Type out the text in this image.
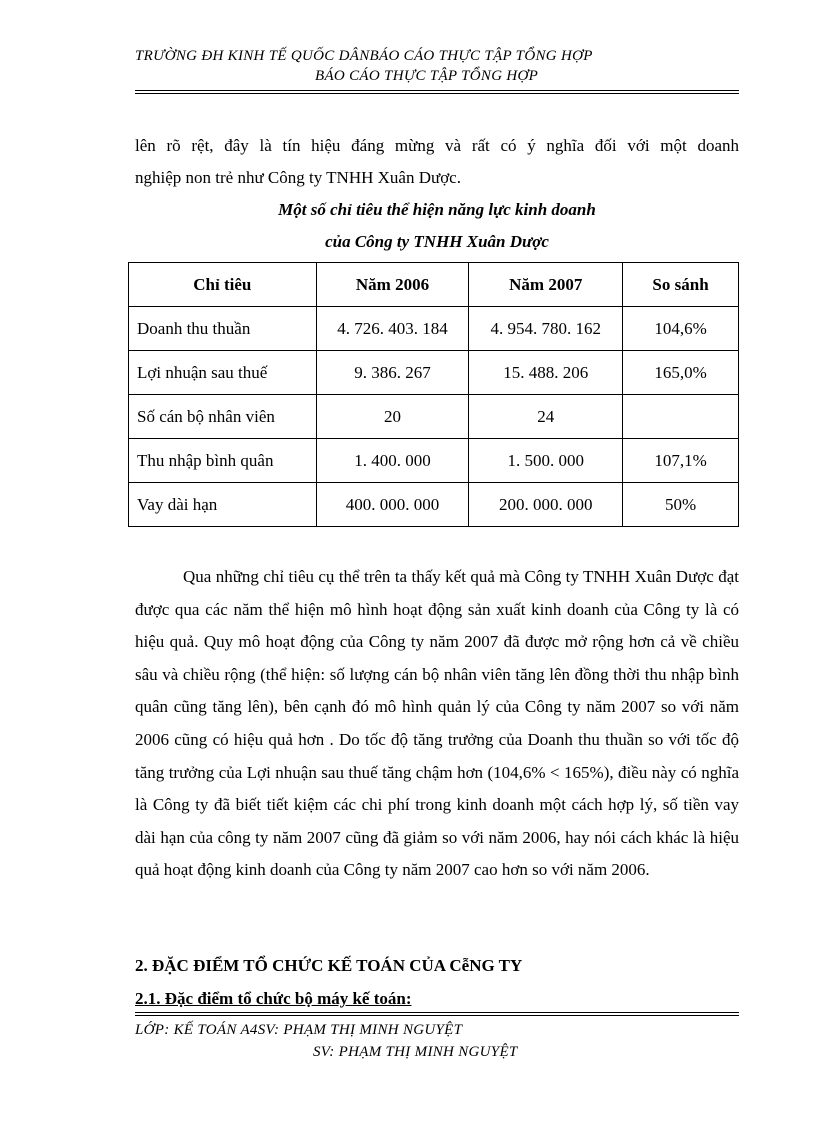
TRƯỜNG ĐH KINH TẾ QUỐC DÂNBÁO CÁO THỰC TẬP TỔNG HỢP
BÁO CÁO THỰC TẬP TỔNG HỢP
lên rõ rệt, đây là tín hiệu đáng mừng và rất có ý nghĩa đối với một doanh
nghiệp non trẻ như Công ty TNHH Xuân Dược.
Một số chỉ tiêu thể hiện năng lực kinh doanh
của Công ty TNHH Xuân Dược
Chỉ tiêu	Năm 2006	Năm 2007	So sánh
Doanh thu thuần	4. 726. 403. 184	4. 954. 780. 162	104,6%
Lợi nhuận sau thuế	9. 386. 267	15. 488. 206	165,0%
Số cán bộ nhân viên	20	24	
Thu nhập bình quân	1. 400. 000	1. 500. 000	107,1%
Vay dài hạn	400. 000. 000	200. 000. 000	50%
Qua những chỉ tiêu cụ thể trên ta thấy kết quả mà Công ty TNHH Xuân Dược đạt được qua các năm thể hiện mô hình hoạt động sản xuất kinh doanh của Công ty là có hiệu quả. Quy mô hoạt động của Công ty năm 2007 đã được mở rộng hơn cả về chiều sâu và chiều rộng (thể hiện: số lượng cán bộ nhân viên tăng lên đồng thời thu nhập bình quân cũng tăng lên), bên cạnh đó mô hình quản lý của Công ty năm 2007 so với năm 2006 cũng có hiệu quả hơn . Do tốc độ tăng trưởng của Doanh thu thuần so với tốc độ tăng trưởng của Lợi nhuận sau thuế tăng chậm hơn (104,6% < 165%), điều này có nghĩa là Công ty đã biết tiết kiệm các chi phí trong kinh doanh một cách hợp lý, số tiền vay dài hạn của công ty năm 2007 cũng đã giảm so với năm 2006, hay nói cách khác là hiệu quả hoạt động kinh doanh của Công ty năm 2007 cao hơn so với năm 2006.
2. ĐẶC ĐIỂM TỔ CHỨC KẾ TOÁN CỦA CễNG TY
2.1. Đặc điểm tổ chức bộ máy kế toán:
LỚP: KẾ TOÁN A4SV: PHẠM THỊ MINH NGUYỆT
SV: PHẠM THỊ MINH NGUYỆT
